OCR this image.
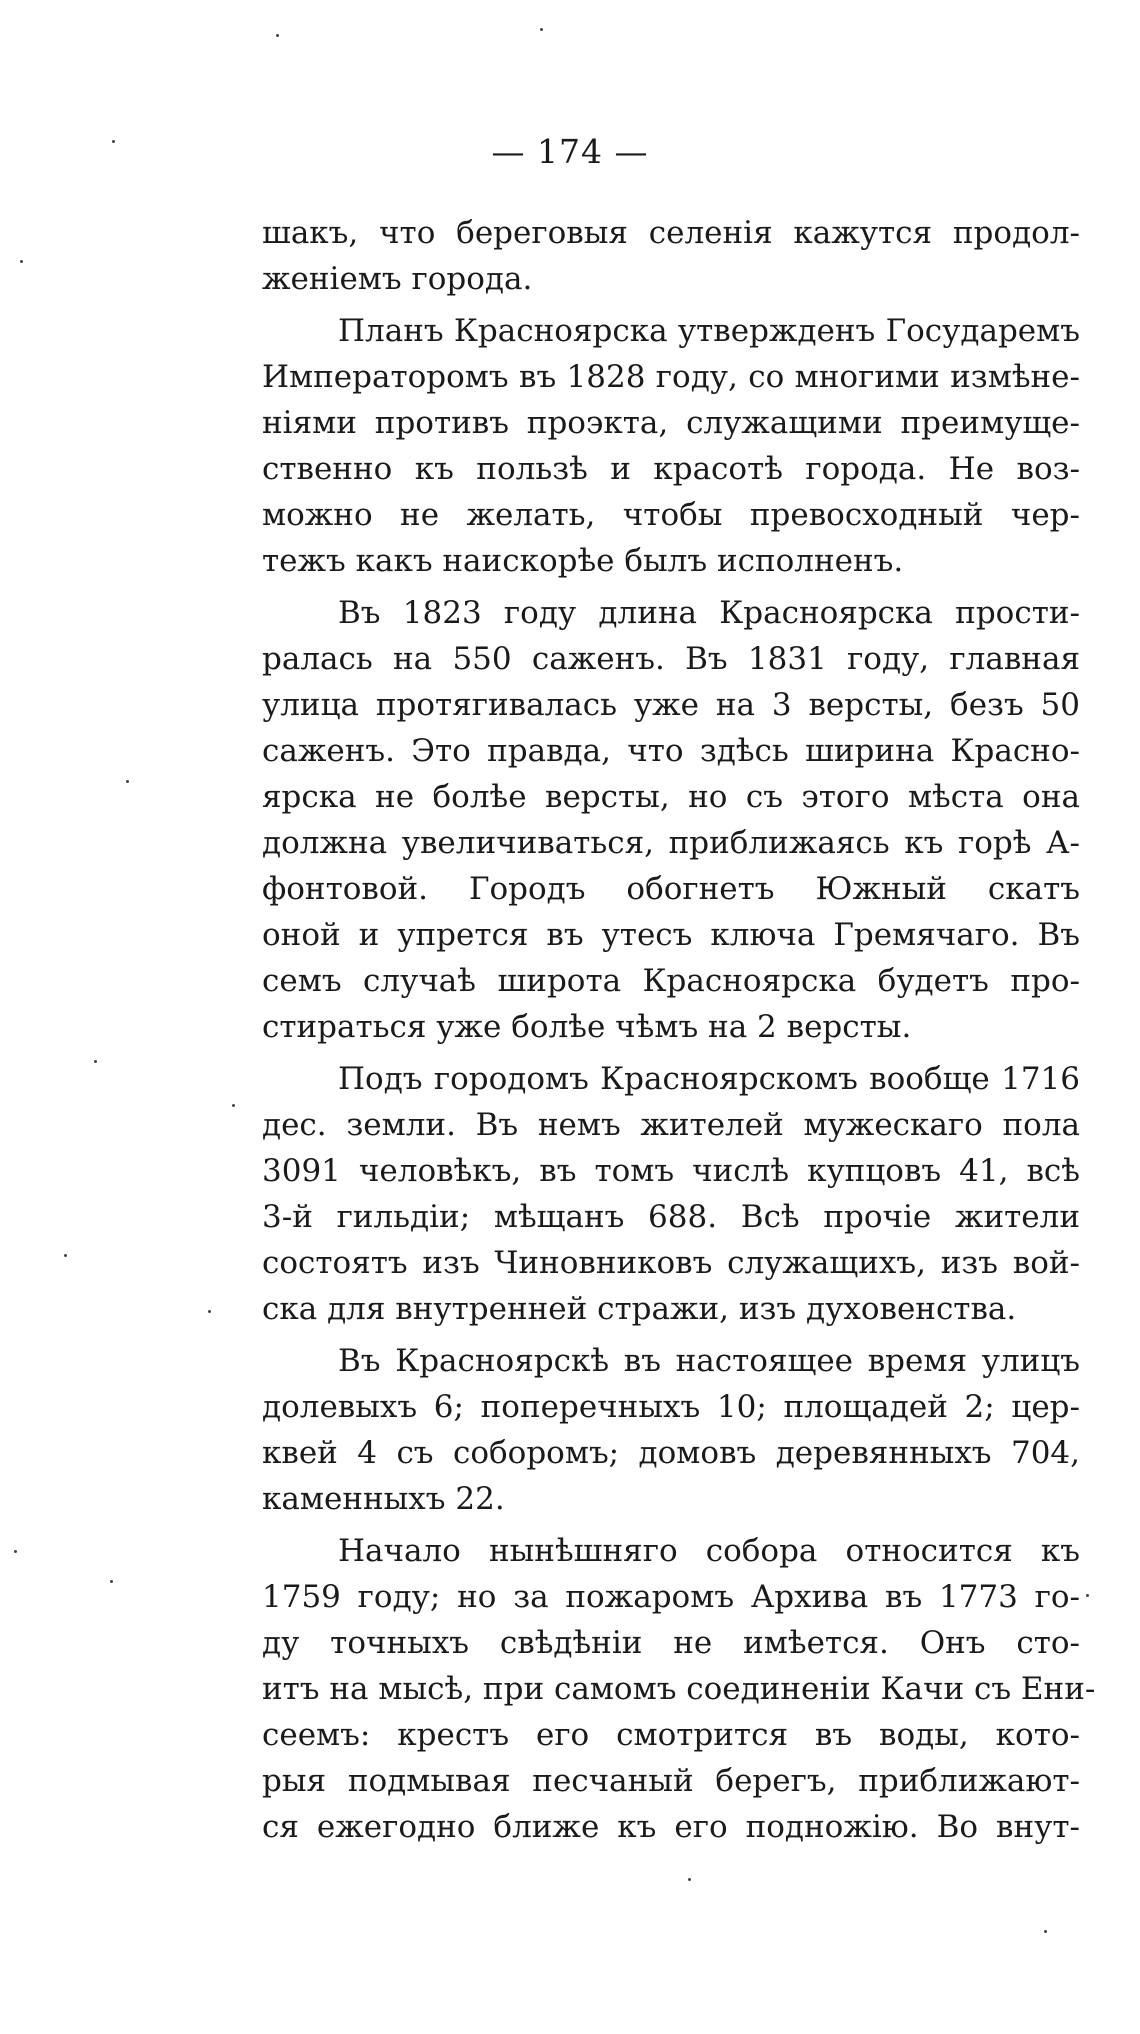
— 174 —
шакъ, что береговыя селенія кажутся продол-
женіемъ города.
Планъ Красноярска утвержденъ Государемъ
Императоромъ въ 1828 году, со многими измѣне-
ніями противъ проэкта, служащими преимуще-
ственно къ пользѣ и красотѣ города. Не воз-
можно не желать, чтобы превосходный чер-
тежъ какъ наискорѣе былъ исполненъ.
Въ 1823 году длина Красноярска прости-
ралась на 550 саженъ. Въ 1831 году, главная
улица протягивалась уже на 3 версты, безъ 50
саженъ. Это правда, что здѣсь ширина Красно-
ярска не болѣе версты, но съ этого мѣста она
должна увеличиваться, приближаясь къ горѣ А-
фонтовой. Городъ обогнетъ Южный скатъ
оной и упрется въ утесъ ключа Гремячаго. Въ
семъ случаѣ широта Красноярска будетъ про-
стираться уже болѣе чѣмъ на 2 версты.
Подъ городомъ Красноярскомъ вообще 1716
дес. земли. Въ немъ жителей мужескаго пола
3091 человѣкъ, въ томъ числѣ купцовъ 41, всѣ
3-й гильдіи; мѣщанъ 688. Всѣ прочіе жители
состоятъ изъ Чиновниковъ служащихъ, изъ вой-
ска для внутренней стражи, изъ духовенства.
Въ Красноярскѣ въ настоящее время улицъ
долевыхъ 6; поперечныхъ 10; площадей 2; цер-
квей 4 съ соборомъ; домовъ деревянныхъ 704,
каменныхъ 22.
Начало нынѣшняго собора относится къ
1759 году; но за пожаромъ Архива въ 1773 го-
ду точныхъ свѣдѣніи не имѣется. Онъ сто-
итъ на мысѣ, при самомъ соединеніи Качи съ Ени-
сеемъ: крестъ его смотрится въ воды, кото-
рыя подмывая песчаный берегъ, приближают-
ся ежегодно ближе къ его подножію. Во внут-
